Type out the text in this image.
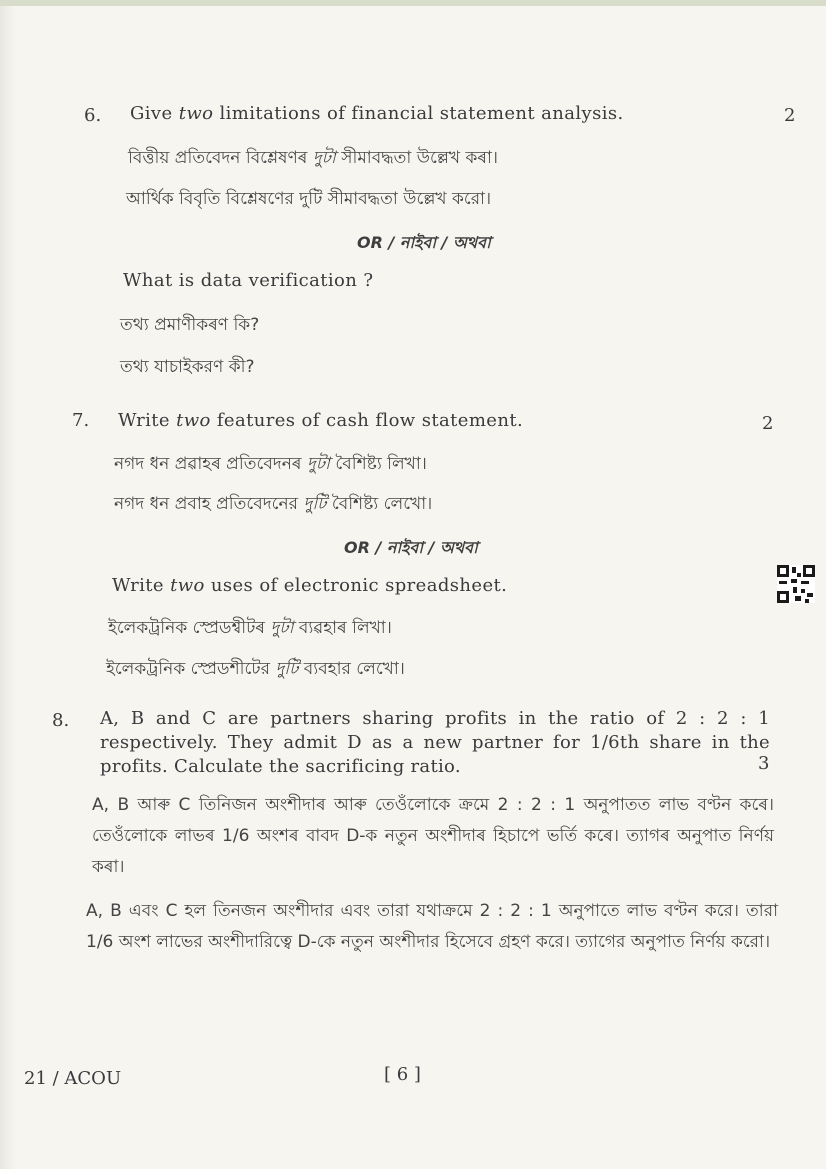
6. Give two limitations of financial statement analysis.	2
বিত্তীয় প্ৰতিবেদন বিশ্লেষণৰ দুটা সীমাবদ্ধতা উল্লেখ কৰা।
আর্থিক বিবৃতি বিশ্লেষণের দুটি সীমাবদ্ধতা উল্লেখ করো।
OR / নাইবা / অথবা
What is data verification ?
তথ্য প্ৰমাণীকৰণ কি?
তথ্য যাচাইকরণ কী?
7. Write two features of cash flow statement.	2
নগদ ধন প্ৰৱাহৰ প্ৰতিবেদনৰ দুটা বৈশিষ্ট্য লিখা।
নগদ ধন প্রবাহ প্রতিবেদনের দুটি বৈশিষ্ট্য লেখো।
OR / নাইবা / অথবা
Write two uses of electronic spreadsheet.
ইলেকট্ৰনিক স্প্ৰেডশ্বীটৰ দুটা ব্যৱহাৰ লিখা।
ইলেকট্রনিক স্প্রেডশীটের দুটি ব্যবহার লেখো।
8. A, B and C are partners sharing profits in the ratio of 2 : 2 : 1 respectively. They admit D as a new partner for 1/6th share in the profits. Calculate the sacrificing ratio.	3
A, B আৰু C তিনিজন অংশীদাৰ আৰু তেওঁলোকে ক্ৰমে 2 : 2 : 1 অনুপাতত লাভ বণ্টন কৰে। তেওঁলোকে লাভৰ 1/6 অংশৰ বাবদ D-ক নতুন অংশীদাৰ হিচাপে ভৰ্তি কৰে। ত্যাগৰ অনুপাত নিৰ্ণয় কৰা।
A, B এবং C হল তিনজন অংশীদার এবং তারা যথাক্রমে 2 : 2 : 1 অনুপাতে লাভ বণ্টন করে। তারা 1/6 অংশ লাভের অংশীদারিত্বে D-কে নতুন অংশীদার হিসেবে গ্রহণ করে। ত্যাগের অনুপাত নির্ণয় করো।
21 / ACOU	[ 6 ]
